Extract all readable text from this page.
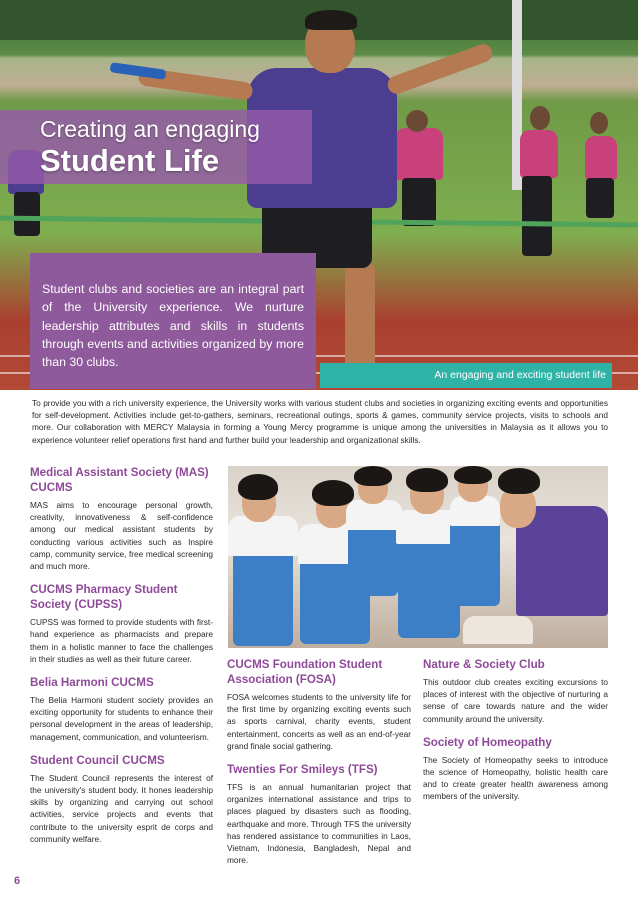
Creating an engaging
Student Life
Student clubs and societies are an integral part of the University experience. We nurture leadership attributes and skills in students through events and activities organized by more than 30 clubs.
An engaging and exciting student life
To provide you with a rich university experience, the University works with various student clubs and societies in organizing exciting events and opportunities for self-development. Activities include get-to-gathers, seminars, recreational outings, sports & games, community service projects, visits to schools and more. Our collaboration with MERCY Malaysia in forming a Young Mercy programme is unique among the universities in Malaysia as it allows you to experience volunteer relief operations first hand and further build your leadership and organizational skills.
Medical Assistant Society (MAS) CUCMS
MAS aims to encourage personal growth, creativity, innovativeness & self-confidence among our medical assistant students by conducting various activities such as Inspire camp, community service, free medical screening and much more.
CUCMS Pharmacy Student Society (CUPSS)
CUPSS was formed to provide students with first-hand experience as pharmacists and prepare them in a holistic manner to face the challenges in their studies as well as their future career.
Belia Harmoni CUCMS
The Belia Harmoni student society provides an exciting opportunity for students to enhance their personal development in the areas of leadership, management, communication, and volunteerism.
Student Council CUCMS
The Student Council represents the interest of the university's student body. It hones leadership skills by organizing and carrying out school activities, service projects and events that contribute to the university esprit de corps and community welfare.
CUCMS Foundation Student Association (FOSA)
FOSA welcomes students to the university life for the first time by organizing exciting events such as sports carnival, charity events, student entertainment, concerts as well as an end-of-year grand finale social gathering.
Twenties For Smileys (TFS)
TFS is an annual humanitarian project that organizes international assistance and trips to places plagued by disasters such as flooding, earthquake and more. Through TFS the university has rendered assistance to communities in Laos, Vietnam, Indonesia, Bangladesh, Nepal and more.
Nature & Society Club
This outdoor club creates exciting excursions to places of interest with the objective of nurturing a sense of care towards nature and the wider community around the university.
Society of Homeopathy
The Society of Homeopathy seeks to introduce the science of Homeopathy, holistic health care and to create greater health awareness among members of the university.
6
